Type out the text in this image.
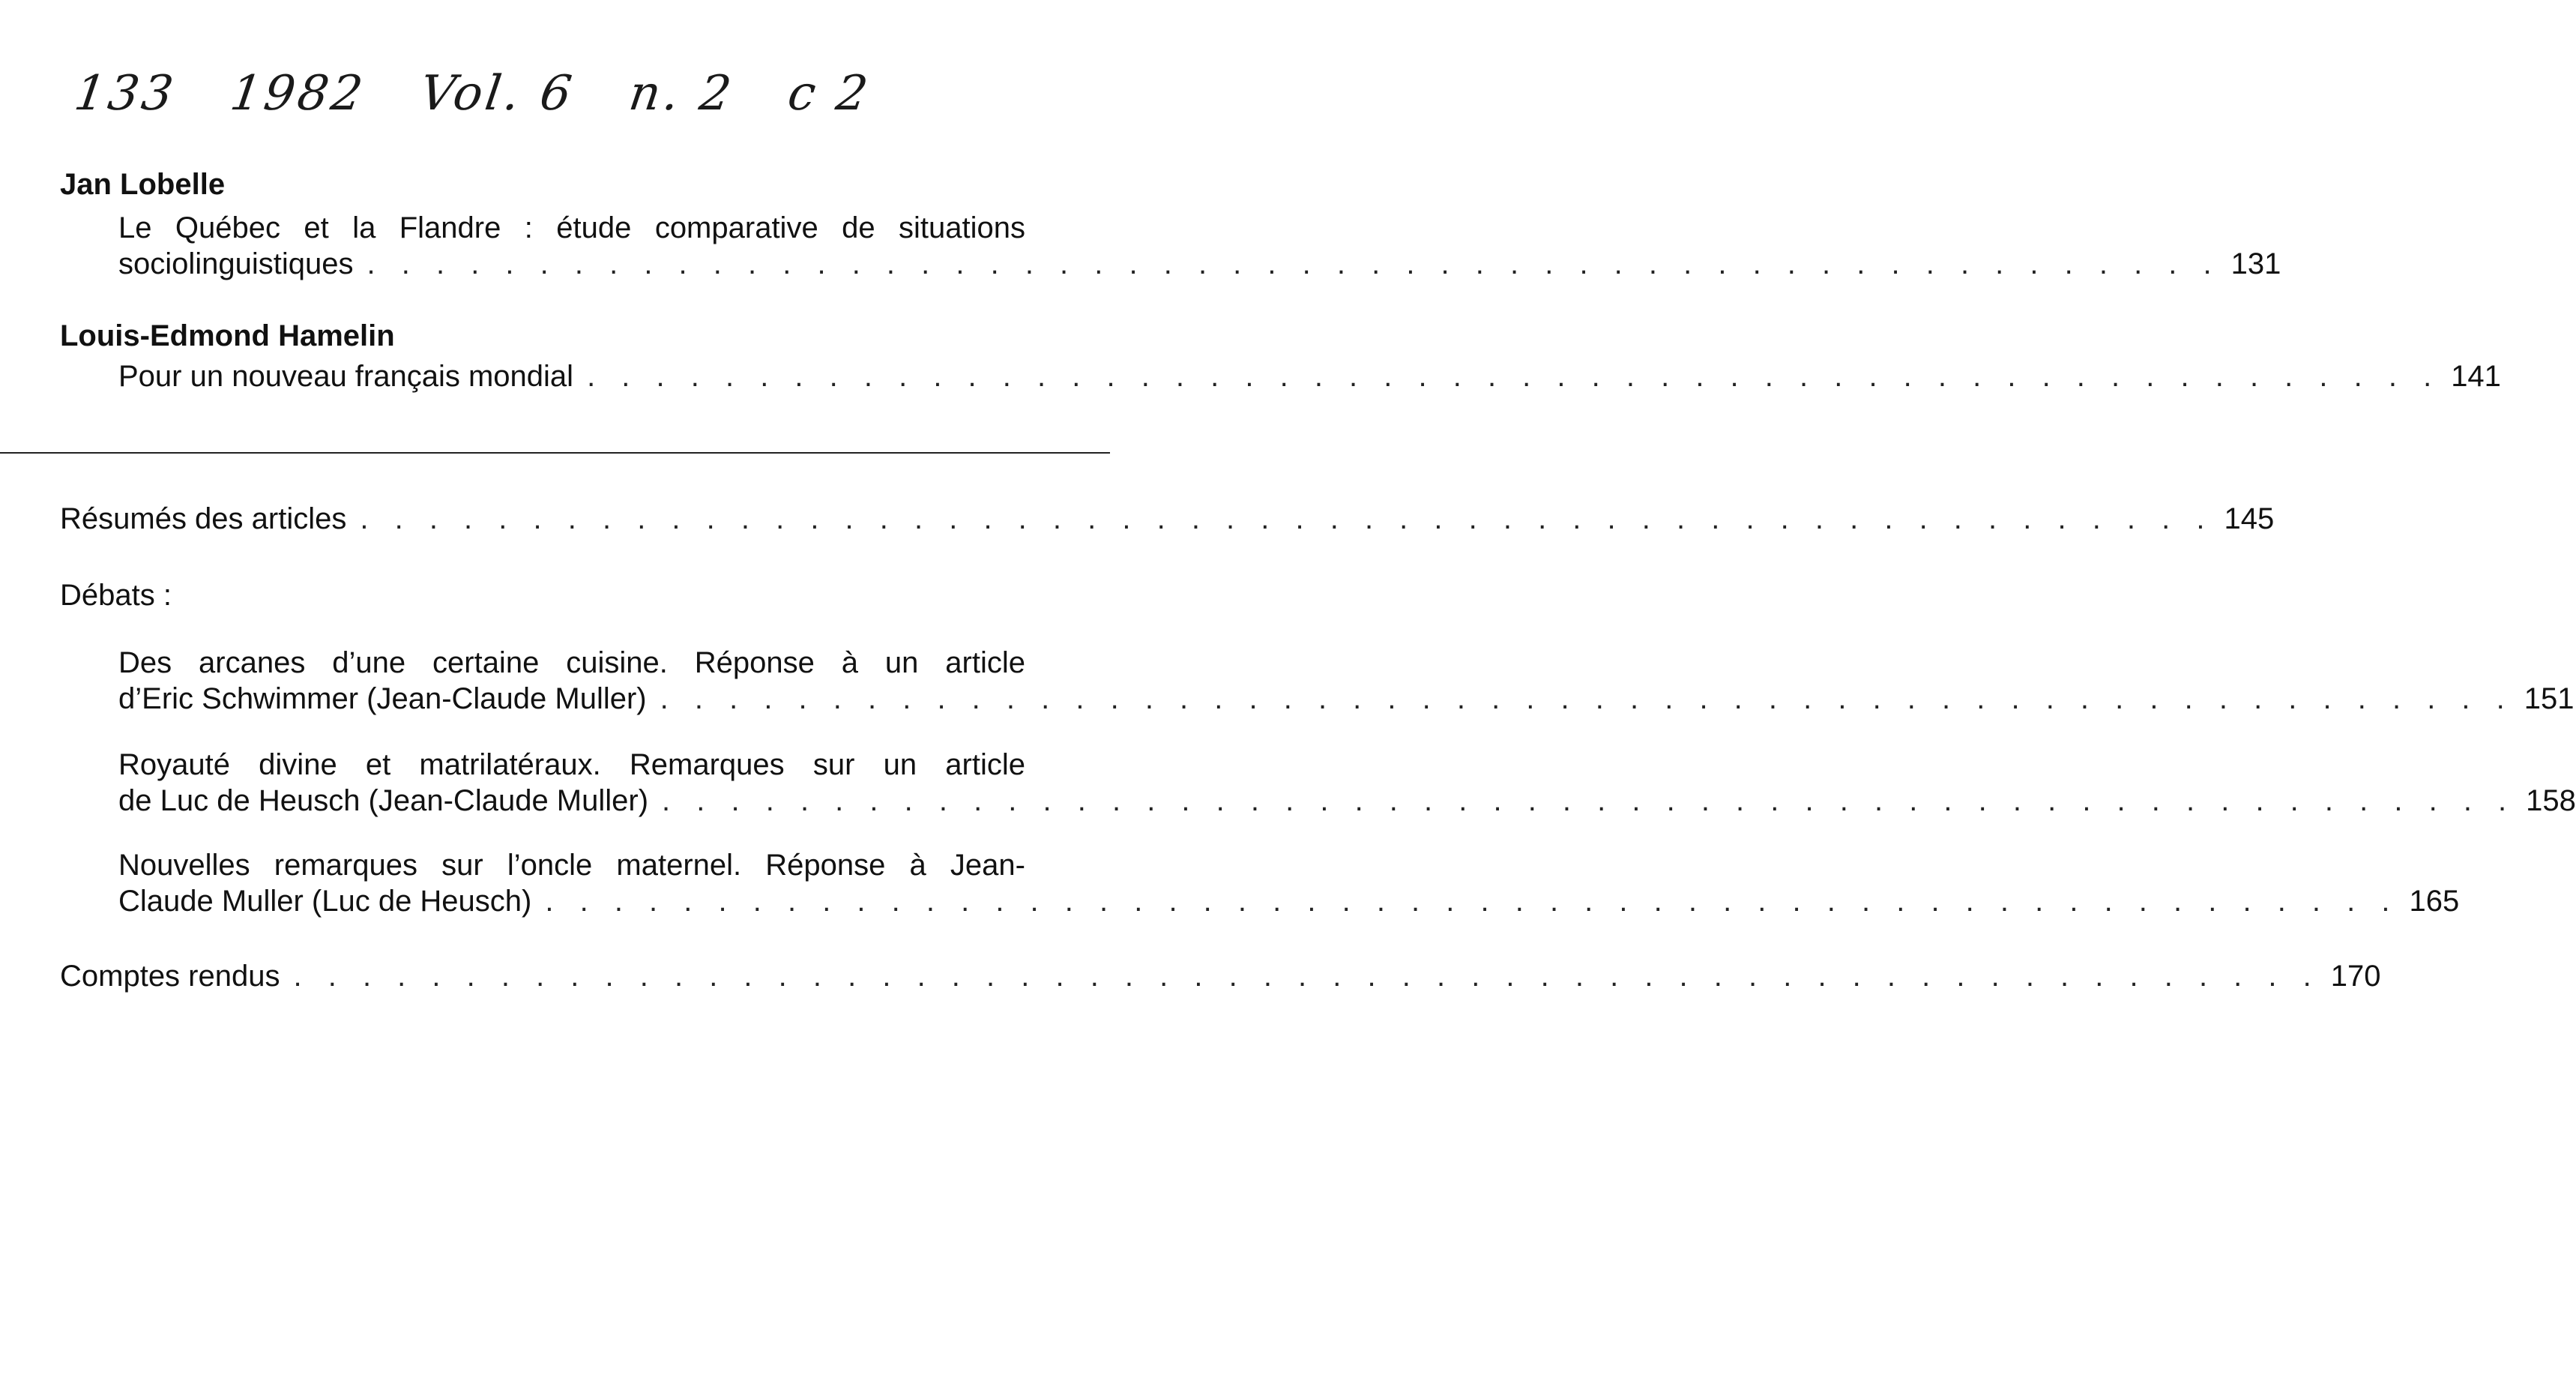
133 1982 Vol. 6 n. 2 c 2
Jan Lobelle
Le Québec et la Flandre : étude comparative de situations
sociolinguistiques . . . . . . . . . . . . . . . . . . . . . . . . . . . . . . . . . . . . . . . . . . . . . . . . . . . . . . 131
Louis-Edmond Hamelin
Pour un nouveau français mondial . . . . . . . . . . . . . . . . . . . . . . . . . . . . . . . . . . . . . . . . . . . . . . . . . . . . . . 141
Résumés des articles . . . . . . . . . . . . . . . . . . . . . . . . . . . . . . . . . . . . . . . . . . . . . . . . . . . . . . 145
Débats :
Des arcanes d’une certaine cuisine. Réponse à un article
d’Eric Schwimmer (Jean-Claude Muller) . . . . . . . . . . . . . . . . . . . . . . . . . . . . . . . . . . . . . . . . . . . . . . . . . . . . . . 151
Royauté divine et matrilatéraux. Remarques sur un article
de Luc de Heusch (Jean-Claude Muller) . . . . . . . . . . . . . . . . . . . . . . . . . . . . . . . . . . . . . . . . . . . . . . . . . . . . . . 158
Nouvelles remarques sur l’oncle maternel. Réponse à Jean-
Claude Muller (Luc de Heusch) . . . . . . . . . . . . . . . . . . . . . . . . . . . . . . . . . . . . . . . . . . . . . . . . . . . . . . 165
Comptes rendus . . . . . . . . . . . . . . . . . . . . . . . . . . . . . . . . . . . . . . . . . . . . . . . . . . . . . . . . . . . 170
